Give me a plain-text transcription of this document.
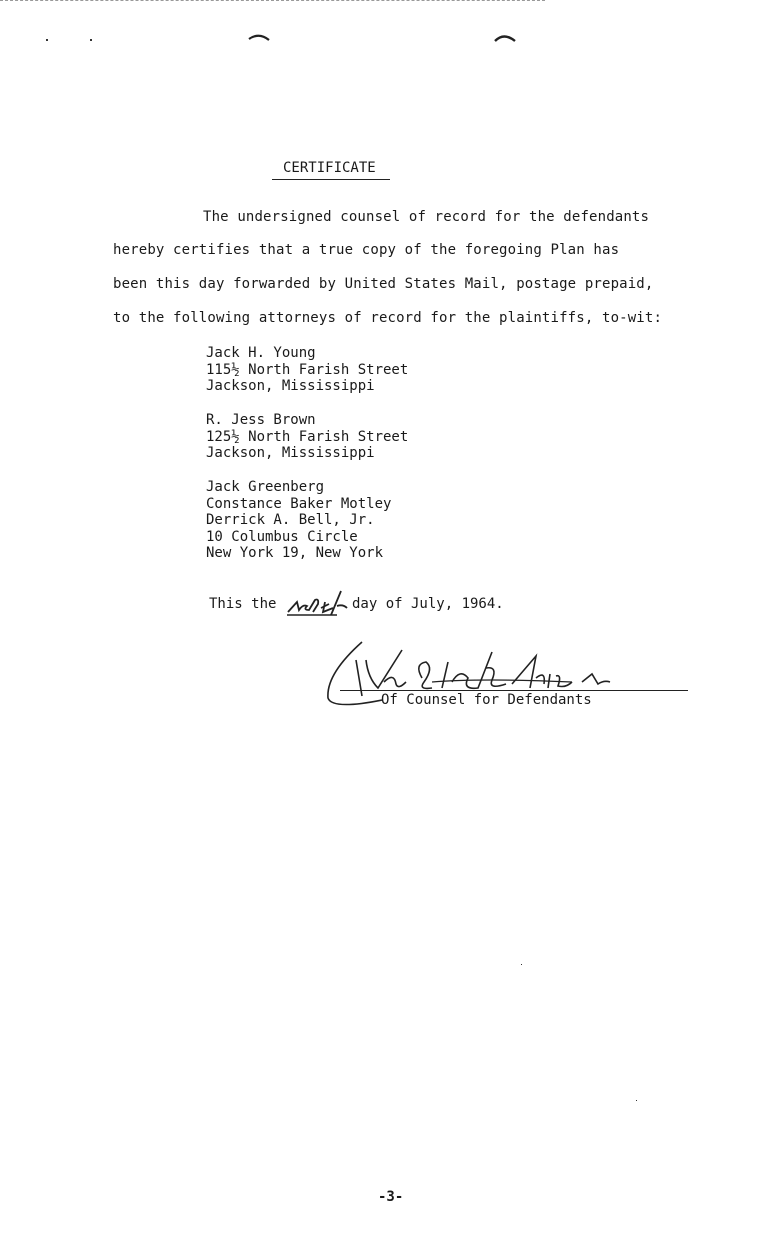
CERTIFICATE
The undersigned counsel of record for the defendants
hereby certifies that a true copy of the foregoing Plan has
been this day forwarded by United States Mail, postage prepaid,
to the following attorneys of record for the plaintiffs, to-wit:
Jack H. Young
115½ North Farish Street
Jackson, Mississippi
R. Jess Brown
125½ North Farish Street
Jackson, Mississippi
Jack Greenberg
Constance Baker Motley
Derrick A. Bell, Jr.
10 Columbus Circle
New York 19, New York
This the	day of July, 1964.
Of Counsel for Defendants
-3-
